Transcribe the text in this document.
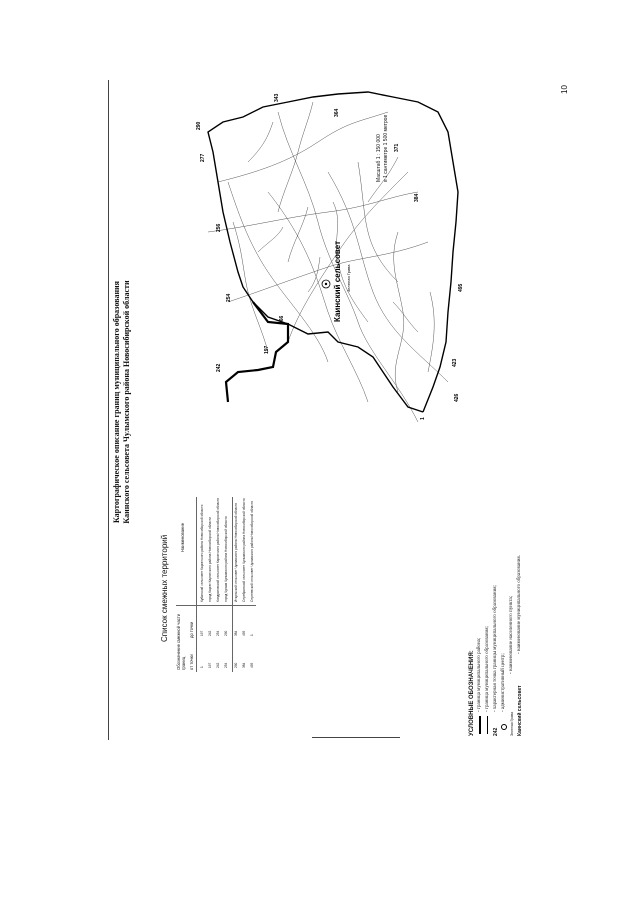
10
Картографическое описание границ муниципального образования Каинского сельсовета Чулымского района Новосибирской области
Список смежных территорий Обозначение смежной части границ от точки
до точки
Наименование
1
197
Кубанский сельсовет Каргатского района Новосибирской области
197
242
город Каргат Каргатского района Новосибирской области
242
254
Кондратовский сельсовет Каргатского района Новосибирской области
254
290
город Чулым Чулымского района Новосибирской области
290
384
Иткульский сельсовет Чулымского района Новосибирской области
384
495
Серебрянский сельсовет Чулымского района Новосибирской области
495
1
Сергеевский сельсовет Чулымского района Новосибирской области
Каинский сельсовет Зеленая Грива
1
166
197
242
254
256
277
290
343
364
371
384
423
426
495
Масштаб 1 : 150 000 в 1 сантиметре 1 500 метров
УСЛОВНЫЕ ОБОЗНАЧЕНИЯ: - граница муниципального района; - граница муниципального образования;
242
- характерная точка границы муниципального образования; - административный центр;
Зеленая Грива
- наименование населенного пункта;
Каинский сельсовет
- наименование муниципального образования.
